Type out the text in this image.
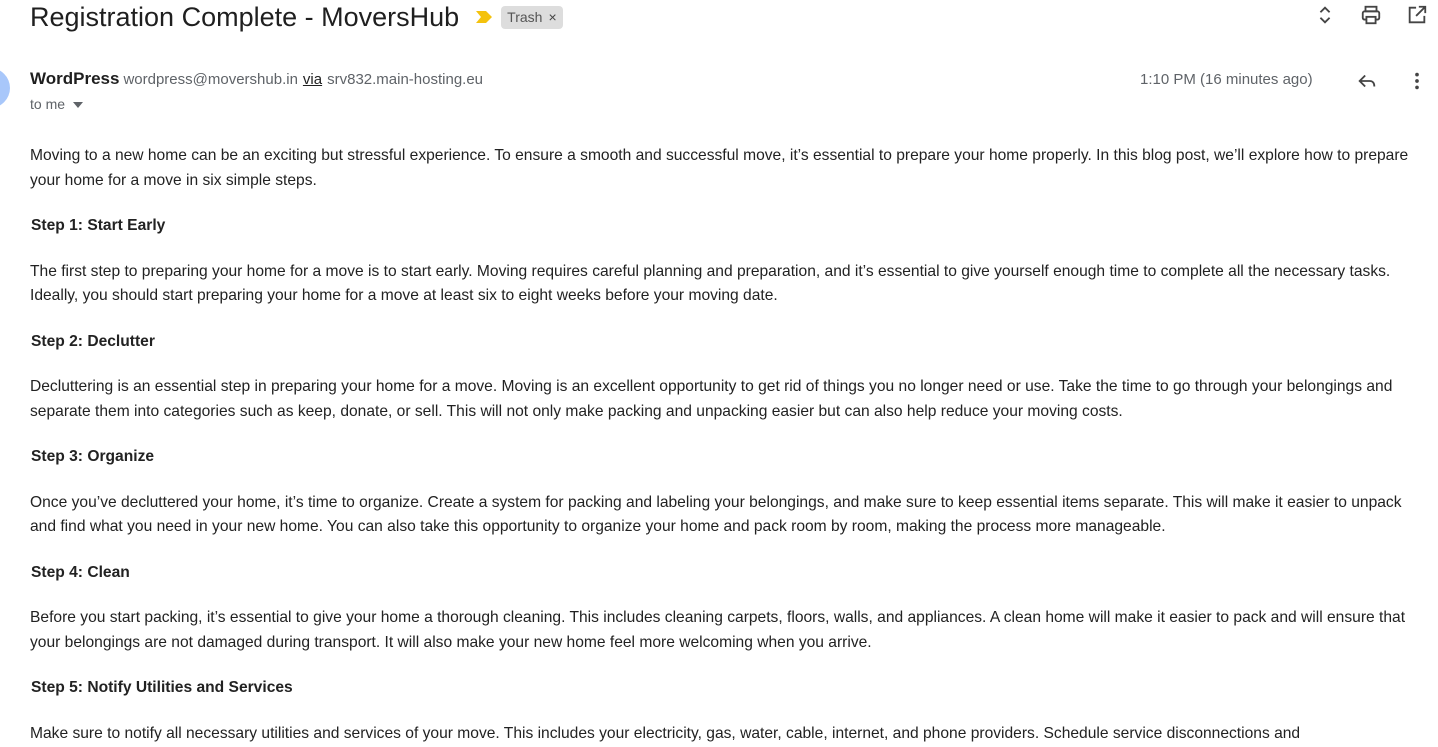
Registration Complete - MoversHub	Trash ×
WordPress wordpress@movershub.in via srv832.main-hosting.eu
to me
1:10 PM (16 minutes ago)

Moving to a new home can be an exciting but stressful experience. To ensure a smooth and successful move, it’s essential to prepare your home properly. In this blog post, we’ll explore how to prepare your home for a move in six simple steps.

Step 1: Start Early

The first step to preparing your home for a move is to start early. Moving requires careful planning and preparation, and it’s essential to give yourself enough time to complete all the necessary tasks. Ideally, you should start preparing your home for a move at least six to eight weeks before your moving date.

Step 2: Declutter

Decluttering is an essential step in preparing your home for a move. Moving is an excellent opportunity to get rid of things you no longer need or use. Take the time to go through your belongings and separate them into categories such as keep, donate, or sell. This will not only make packing and unpacking easier but can also help reduce your moving costs.

Step 3: Organize

Once you’ve decluttered your home, it’s time to organize. Create a system for packing and labeling your belongings, and make sure to keep essential items separate. This will make it easier to unpack and find what you need in your new home. You can also take this opportunity to organize your home and pack room by room, making the process more manageable.

Step 4: Clean

Before you start packing, it’s essential to give your home a thorough cleaning. This includes cleaning carpets, floors, walls, and appliances. A clean home will make it easier to pack and will ensure that your belongings are not damaged during transport. It will also make your new home feel more welcoming when you arrive.

Step 5: Notify Utilities and Services

Make sure to notify all necessary utilities and services of your move. This includes your electricity, gas, water, cable, internet, and phone providers. Schedule service disconnections and
